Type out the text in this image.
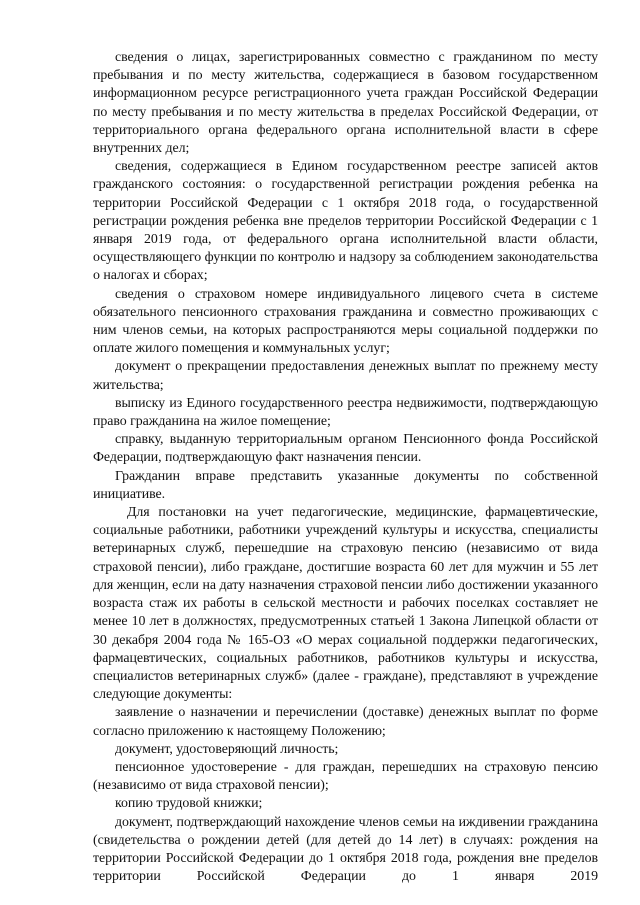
сведения о лицах, зарегистрированных совместно с гражданином по месту пребывания и по месту жительства, содержащиеся в базовом государственном информационном ресурсе регистрационного учета граждан Российской Федерации по месту пребывания и по месту жительства в пределах Российской Федерации, от территориального органа федерального органа исполнительной власти в сфере внутренних дел;

сведения, содержащиеся в Едином государственном реестре записей актов гражданского состояния: о государственной регистрации рождения ребенка на территории Российской Федерации с 1 октября 2018 года, о государственной регистрации рождения ребенка вне пределов территории Российской Федерации с 1 января 2019 года, от федерального органа исполнительной власти области, осуществляющего функции по контролю и надзору за соблюдением законодательства о налогах и сборах;

сведения о страховом номере индивидуального лицевого счета в системе обязательного пенсионного страхования гражданина и совместно проживающих с ним членов семьи, на которых распространяются меры социальной поддержки по оплате жилого помещения и коммунальных услуг;

документ о прекращении предоставления денежных выплат по прежнему месту жительства;

выписку из Единого государственного реестра недвижимости, подтверждающую право гражданина на жилое помещение;

справку, выданную территориальным органом Пенсионного фонда Российской Федерации, подтверждающую факт назначения пенсии.

Гражданин вправе представить указанные документы по собственной инициативе.

Для постановки на учет педагогические, медицинские, фармацевтические, социальные работники, работники учреждений культуры и искусства, специалисты ветеринарных служб, перешедшие на страховую пенсию (независимо от вида страховой пенсии), либо граждане, достигшие возраста 60 лет для мужчин и 55 лет для женщин, если на дату назначения страховой пенсии либо достижении указанного возраста стаж их работы в сельской местности и рабочих поселках составляет не менее 10 лет в должностях, предусмотренных статьей 1 Закона Липецкой области от 30 декабря 2004 года № 165-ОЗ «О мерах социальной поддержки педагогических, фармацевтических, социальных работников, работников культуры и искусства, специалистов ветеринарных служб» (далее - граждане), представляют в учреждение следующие документы:

заявление о назначении и перечислении (доставке) денежных выплат по форме согласно приложению к настоящему Положению;

документ, удостоверяющий личность;

пенсионное удостоверение - для граждан, перешедших на страховую пенсию (независимо от вида страховой пенсии);

копию трудовой книжки;

документ, подтверждающий нахождение членов семьи на иждивении гражданина (свидетельства о рождении детей (для детей до 14 лет) в случаях: рождения на территории Российской Федерации до 1 октября 2018 года, рождения вне пределов территории Российской Федерации до 1 января 2019
